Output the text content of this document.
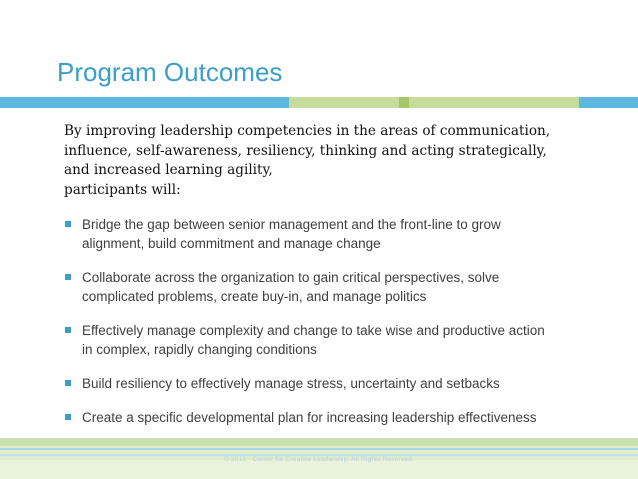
Program Outcomes
By improving leadership competencies in the areas of communication,
influence, self-awareness, resiliency, thinking and acting strategically,
and increased learning agility,
participants will:
Bridge the gap between senior management and the front-line to grow
alignment, build commitment and manage change
Collaborate across the organization to gain critical perspectives, solve
complicated problems, create buy-in, and manage politics
Effectively manage complexity and change to take wise and productive action
in complex, rapidly changing conditions
Build resiliency to effectively manage stress, uncertainty and setbacks
Create a specific developmental plan for increasing leadership effectiveness
© 2013 · Center for Creative Leadership. All Rights Reserved.
